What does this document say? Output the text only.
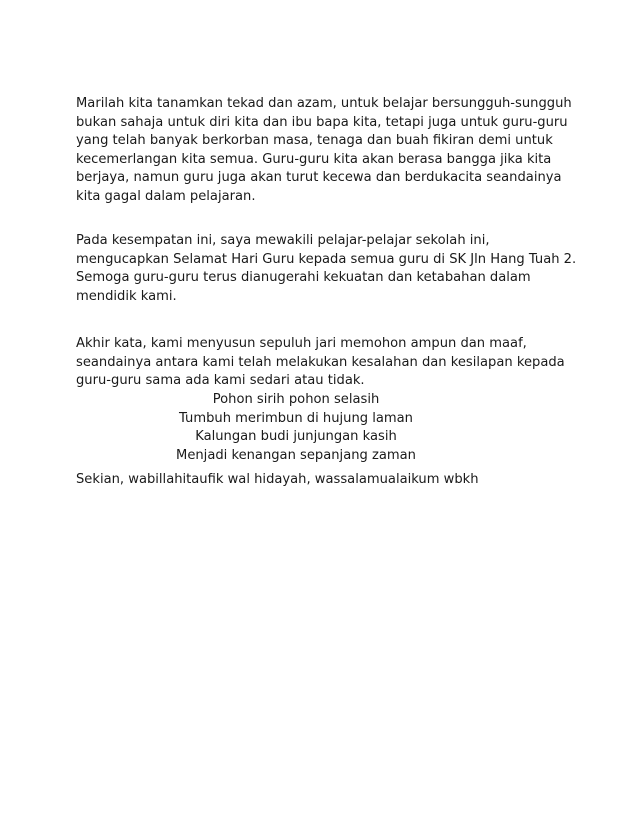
Marilah kita tanamkan tekad dan azam, untuk belajar bersungguh-sungguh
bukan sahaja untuk diri kita dan ibu bapa kita, tetapi juga untuk guru-guru
yang telah banyak berkorban masa, tenaga dan buah fikiran demi untuk
kecemerlangan kita semua. Guru-guru kita akan berasa bangga jika kita
berjaya, namun guru juga akan turut kecewa dan berdukacita seandainya
kita gagal dalam pelajaran.

Pada kesempatan ini, saya mewakili pelajar-pelajar sekolah ini,
mengucapkan Selamat Hari Guru kepada semua guru di SK Jln Hang Tuah 2.
Semoga guru-guru terus dianugerahi kekuatan dan ketabahan dalam
mendidik kami.

Akhir kata, kami menyusun sepuluh jari memohon ampun dan maaf,
seandainya antara kami telah melakukan kesalahan dan kesilapan kepada
guru-guru sama ada kami sedari atau tidak.

Pohon sirih pohon selasih
Tumbuh merimbun di hujung laman
Kalungan budi junjungan kasih
Menjadi kenangan sepanjang zaman

Sekian, wabillahitaufik wal hidayah, wassalamualaikum wbkh
